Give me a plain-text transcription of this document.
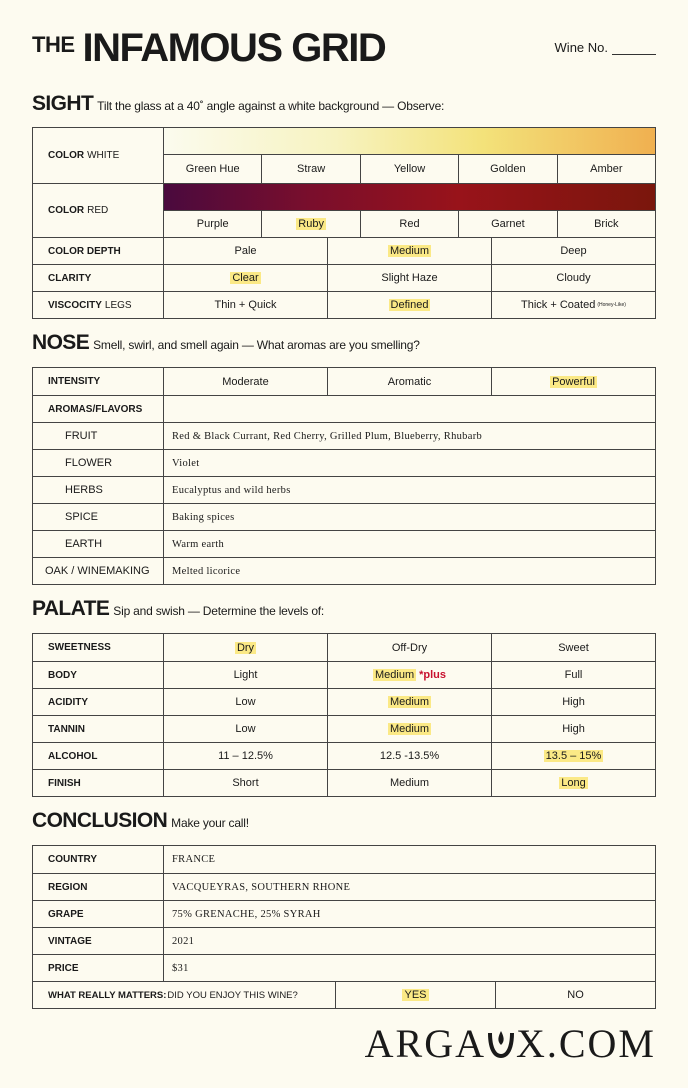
THE INFAMOUS GRID	Wine No.
SIGHT Tilt the glass at a 40˚ angle against a white background — Observe:
COLOR WHITE
Green Hue	Straw	Yellow	Golden	Amber
COLOR RED
Purple	Ruby	Red	Garnet	Brick
COLOR DEPTH	Pale	Medium	Deep
CLARITY	Clear	Slight Haze	Cloudy
VISCOCITY LEGS	Thin + Quick	Defined	Thick + Coated (Honey-Like)
NOSE Smell, swirl, and smell again — What aromas are you smelling?
INTENSITY	Moderate	Aromatic	Powerful
AROMAS/FLAVORS
FRUIT	Red & Black Currant, Red Cherry, Grilled Plum, Blueberry, Rhubarb
FLOWER	Violet
HERBS	Eucalyptus and wild herbs
SPICE	Baking spices
EARTH	Warm earth
OAK / WINEMAKING	Melted licorice
PALATE Sip and swish — Determine the levels of:
SWEETNESS	Dry	Off-Dry	Sweet
BODY	Light	Medium *plus	Full
ACIDITY	Low	Medium	High
TANNIN	Low	Medium	High
ALCOHOL	11 – 12.5%	12.5 -13.5%	13.5 – 15%
FINISH	Short	Medium	Long
CONCLUSION Make your call!
COUNTRY	FRANCE
REGION	VACQUEYRAS, SOUTHERN RHONE
GRAPE	75% GRENACHE, 25% SYRAH
VINTAGE	2021
PRICE	$31
WHAT REALLY MATTERS: DID YOU ENJOY THIS WINE?	YES	NO
ARGA X.COM
